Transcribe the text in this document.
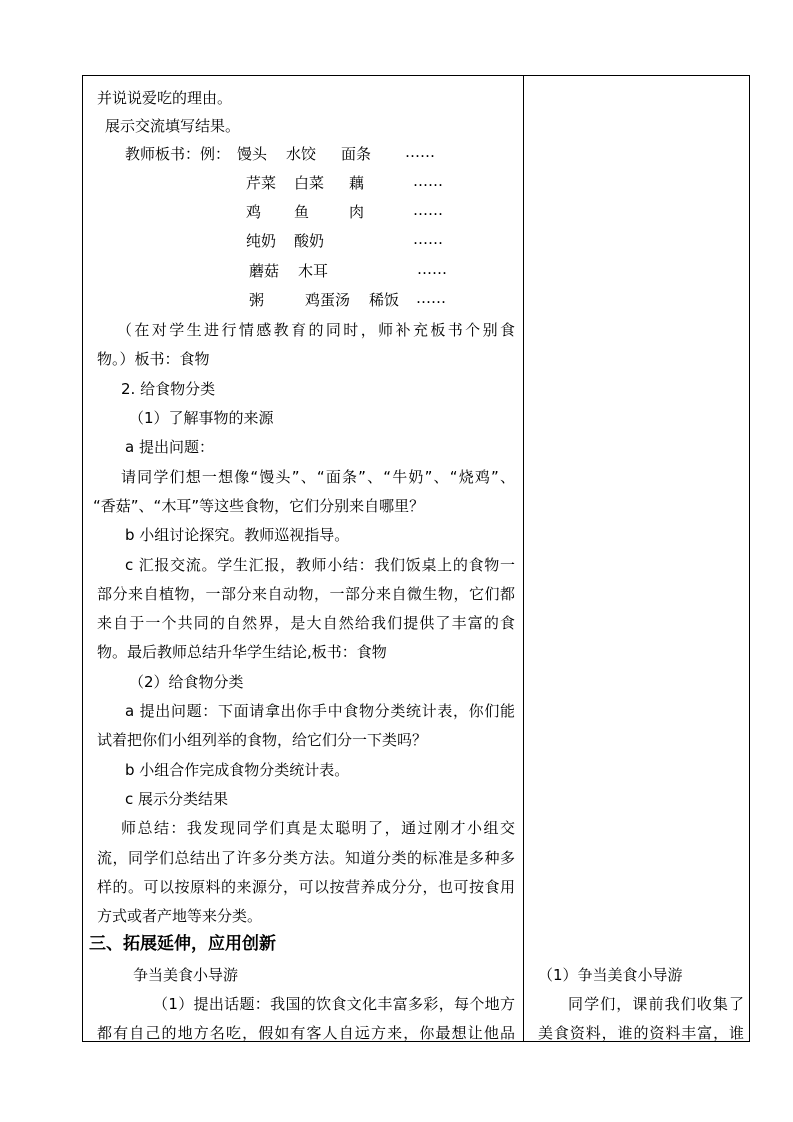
并说说爱吃的理由。
展示交流填写结果。
教师板书：例： 馒头 水饺 面条 ……
芹菜 白菜 藕	……
鸡 鱼	肉	……
纯奶 酸奶	……
蘑菇 木耳	……
粥	鸡蛋汤 稀饭 ……
（在对学生进行情感教育的同时，师补充板书个别食
物。）板书：食物
2. 给食物分类
（1）了解事物的来源
a 提出问题：
请同学们想一想像“馒头”、“面条”、“牛奶”、“烧鸡”、
“香菇”、“木耳”等这些食物，它们分别来自哪里？
b 小组讨论探究。教师巡视指导。
c 汇报交流。学生汇报，教师小结：我们饭桌上的食物一
部分来自植物，一部分来自动物，一部分来自微生物，它们都
来自于一个共同的自然界，是大自然给我们提供了丰富的食
物。最后教师总结升华学生结论,板书：食物
（2）给食物分类
a 提出问题：下面请拿出你手中食物分类统计表，你们能
试着把你们小组列举的食物，给它们分一下类吗？
b 小组合作完成食物分类统计表。
c 展示分类结果
师总结：我发现同学们真是太聪明了，通过刚才小组交
流，同学们总结出了许多分类方法。知道分类的标准是多种多
样的。可以按原料的来源分，可以按营养成分分，也可按食用
方式或者产地等来分类。
三、拓展延伸，应用创新
争当美食小导游
（1）提出话题：我国的饮食文化丰富多彩，每个地方
都有自己的地方名吃，假如有客人自远方来，你最想让他品
（1）争当美食小导游
同学们，课前我们收集了
美食资料，谁的资料丰富，谁
